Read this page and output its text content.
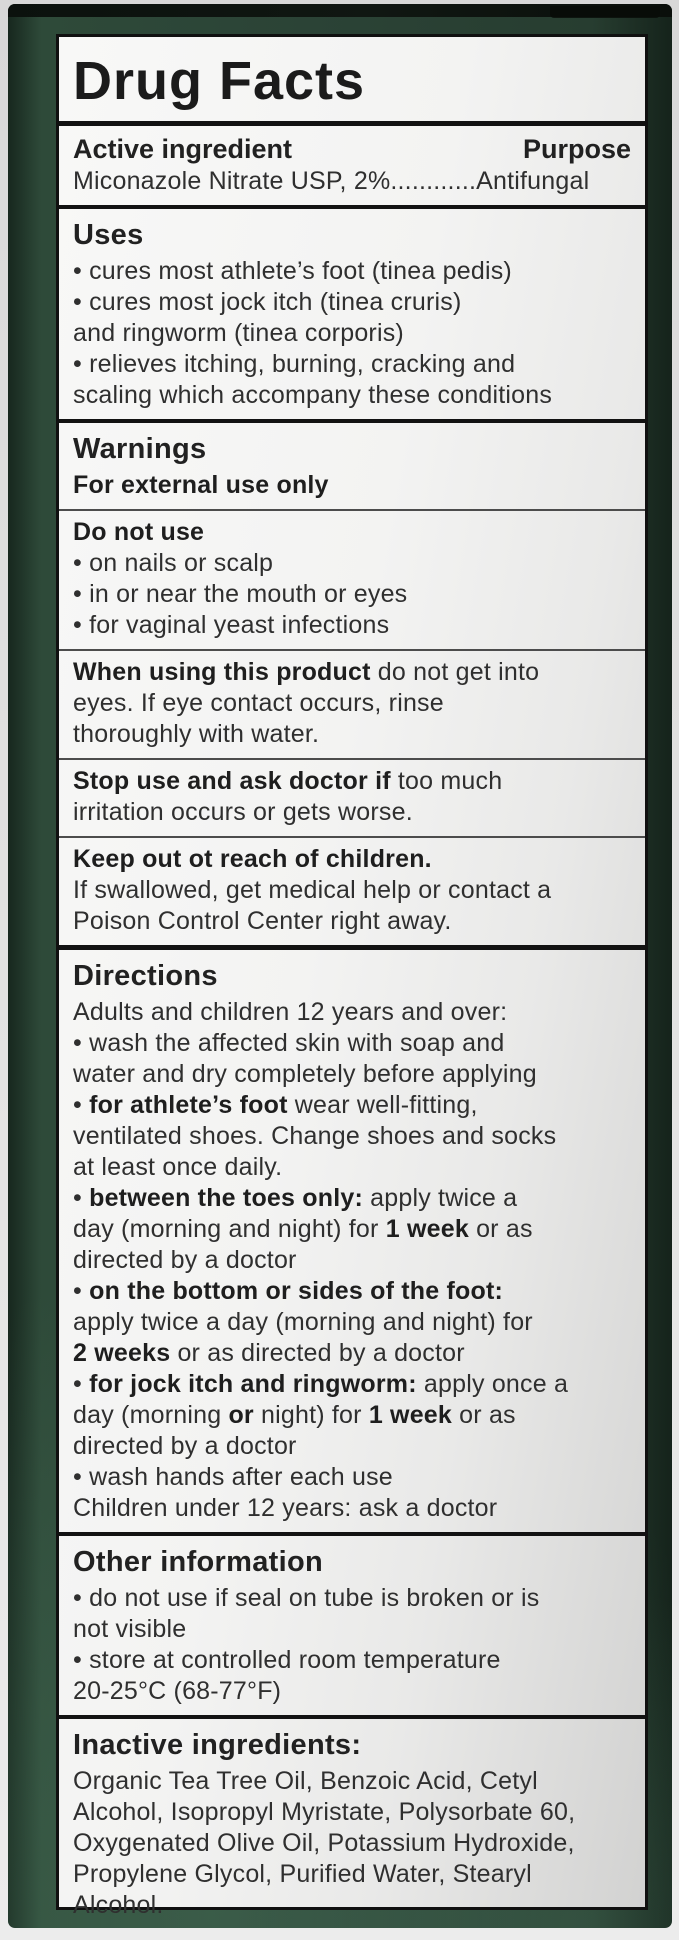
Drug Facts
Active ingredient	Purpose

Miconazole Nitrate USP, 2%............Antifungal

Uses

• cures most athlete’s foot (tinea pedis)

• cures most jock itch (tinea cruris)

and ringworm (tinea corporis)

• relieves itching, burning, cracking and

scaling which accompany these conditions

Warnings

For external use only

Do not use

• on nails or scalp

• in or near the mouth or eyes

• for vaginal yeast infections

When using this product do not get into

eyes. If eye contact occurs, rinse

thoroughly with water.

Stop use and ask doctor if too much

irritation occurs or gets worse.

Keep out ot reach of children.

If swallowed, get medical help or contact a

Poison Control Center right away.

Directions

Adults and children 12 years and over:

• wash the affected skin with soap and

water and dry completely before applying

• for athlete’s foot wear well-fitting,

ventilated shoes. Change shoes and socks

at least once daily.

• between the toes only: apply twice a

day (morning and night) for 1 week or as

directed by a doctor

• on the bottom or sides of the foot:

apply twice a day (morning and night) for

2 weeks or as directed by a doctor

• for jock itch and ringworm: apply once a

day (morning or night) for 1 week or as

directed by a doctor

• wash hands after each use

Children under 12 years: ask a doctor

Other information

• do not use if seal on tube is broken or is

not visible

• store at controlled room temperature

20-25°C (68-77°F)

Inactive ingredients:

Organic Tea Tree Oil, Benzoic Acid, Cetyl

Alcohol, Isopropyl Myristate, Polysorbate 60,

Oxygenated Olive Oil, Potassium Hydroxide,

Propylene Glycol, Purified Water, Stearyl

Alcohol.
